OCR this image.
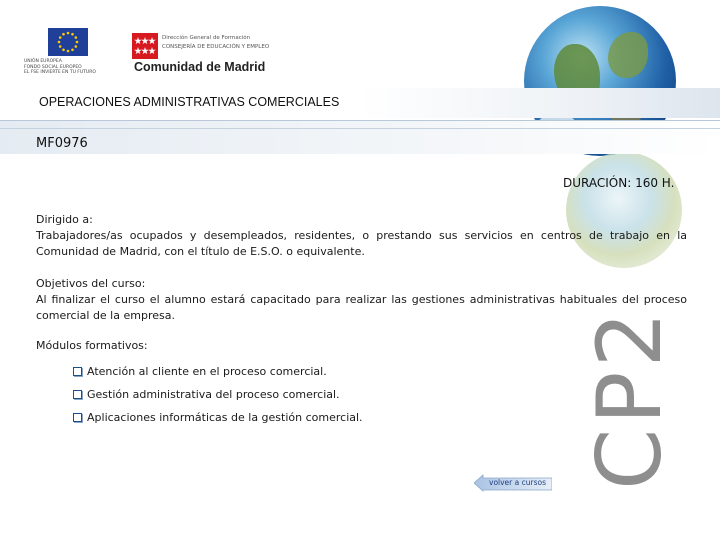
UNIÓN EUROPEA
FONDO SOCIAL EUROPEO
EL FSE INVIERTE EN TU FUTURO
Dirección General de Formación
CONSEJERÍA DE EDUCACIÓN Y EMPLEO
Comunidad de Madrid
OPERACIONES ADMINISTRATIVAS COMERCIALES
MF0976
DURACIÓN: 160 H.
Dirigido a:
Trabajadores/as ocupados y desempleados, residentes, o prestando sus servicios en centros de trabajo en la Comunidad de Madrid, con el título de E.S.O. o equivalente.
Objetivos del curso:
Al finalizar el curso el alumno estará capacitado para realizar las gestiones administrativas habituales del proceso comercial de la empresa.
Módulos formativos:
Atención al cliente en el proceso comercial.
Gestión administrativa del proceso comercial.
Aplicaciones informáticas de la gestión comercial. CP2
volver a cursos
